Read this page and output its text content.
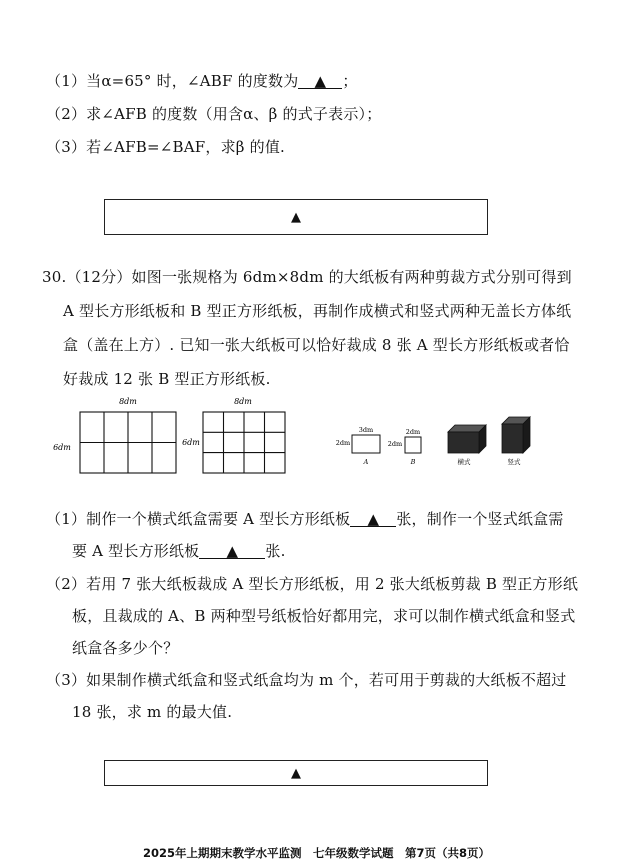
（1）当α=65° 时，∠ABF 的度数为 ▲ ；
（2）求∠AFB 的度数（用含α、β 的式子表示）；
（3）若∠AFB=∠BAF，求β 的值.
▲
30.（12分）如图一张规格为 6dm×8dm 的大纸板有两种剪裁方式分别可得到
A 型长方形纸板和 B 型正方形纸板，再制作成横式和竖式两种无盖长方体纸
盒（盖在上方）. 已知一张大纸板可以恰好裁成 8 张 A 型长方形纸板或者恰
好裁成 12 张 B 型正方形纸板.
8dm
6dm
8dm
6dm
3dm
2dm
A
2dm
2dm
B	横式	竖式
（1）制作一个横式纸盒需要 A 型长方形纸板 ▲ 张，制作一个竖式纸盒需
要 A 型长方形纸板 ▲ 张.
（2）若用 7 张大纸板裁成 A 型长方形纸板，用 2 张大纸板剪裁 B 型正方形纸
板，且裁成的 A、B 两种型号纸板恰好都用完，求可以制作横式纸盒和竖式
纸盒各多少个？
（3）如果制作横式纸盒和竖式纸盒均为 m 个，若可用于剪裁的大纸板不超过
18 张，求 m 的最大值.
▲
2025年上期期末教学水平监测　七年级数学试题　第7页（共8页）
